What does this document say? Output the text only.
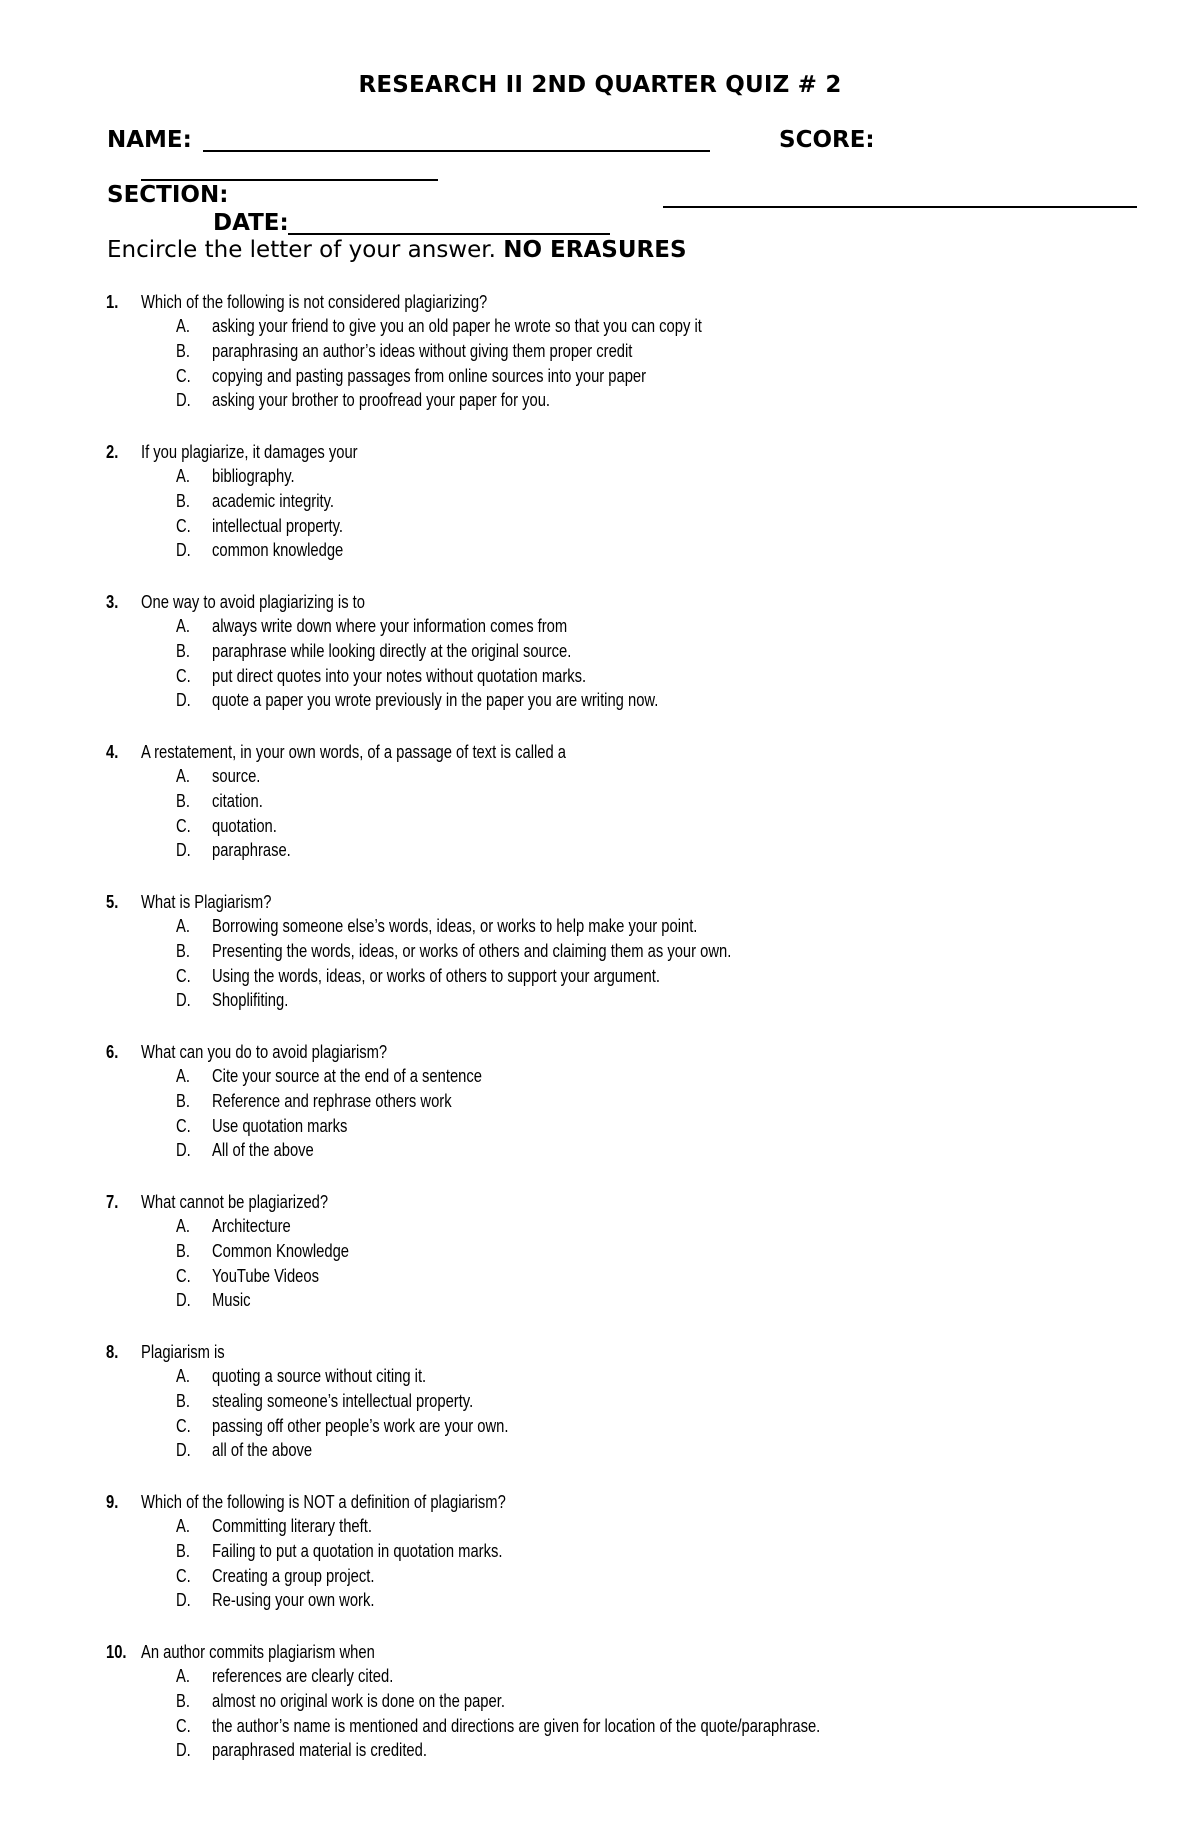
RESEARCH II 2ND QUARTER QUIZ # 2
NAME:	SCORE:
SECTION:
DATE:
Encircle the letter of your answer. NO ERASURES
1. Which of the following is not considered plagiarizing?
A. asking your friend to give you an old paper he wrote so that you can copy it
B. paraphrasing an author’s ideas without giving them proper credit
C. copying and pasting passages from online sources into your paper
D. asking your brother to proofread your paper for you.
2. If you plagiarize, it damages your
A. bibliography.
B. academic integrity.
C. intellectual property.
D. common knowledge
3. One way to avoid plagiarizing is to
A. always write down where your information comes from
B. paraphrase while looking directly at the original source.
C. put direct quotes into your notes without quotation marks.
D. quote a paper you wrote previously in the paper you are writing now.
4. A restatement, in your own words, of a passage of text is called a
A. source.
B. citation.
C. quotation.
D. paraphrase.
5. What is Plagiarism?
A. Borrowing someone else’s words, ideas, or works to help make your point.
B. Presenting the words, ideas, or works of others and claiming them as your own.
C. Using the words, ideas, or works of others to support your argument.
D. Shoplifiting.
6. What can you do to avoid plagiarism?
A. Cite your source at the end of a sentence
B. Reference and rephrase others work
C. Use quotation marks
D. All of the above
7. What cannot be plagiarized?
A. Architecture
B. Common Knowledge
C. YouTube Videos
D. Music
8. Plagiarism is
A. quoting a source without citing it.
B. stealing someone’s intellectual property.
C. passing off other people’s work are your own.
D. all of the above
9. Which of the following is NOT a definition of plagiarism?
A. Committing literary theft.
B. Failing to put a quotation in quotation marks.
C. Creating a group project.
D. Re-using your own work.
10. An author commits plagiarism when
A. references are clearly cited.
B. almost no original work is done on the paper.
C. the author’s name is mentioned and directions are given for location of the quote/paraphrase.
D. paraphrased material is credited.
